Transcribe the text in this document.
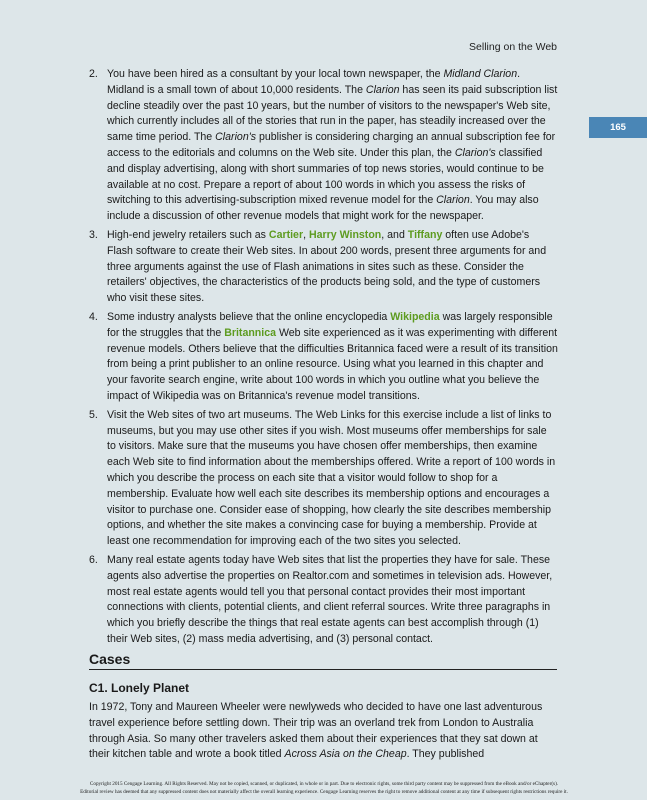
Selling on the Web
165
2. You have been hired as a consultant by your local town newspaper, the Midland Clarion. Midland is a small town of about 10,000 residents. The Clarion has seen its paid subscription list decline steadily over the past 10 years, but the number of visitors to the newspaper's Web site, which currently includes all of the stories that run in the paper, has steadily increased over the same time period. The Clarion's publisher is considering charging an annual subscription fee for access to the editorials and columns on the Web site. Under this plan, the Clarion's classified and display advertising, along with short summaries of top news stories, would continue to be available at no cost. Prepare a report of about 100 words in which you assess the risks of switching to this advertising-subscription mixed revenue model for the Clarion. You may also include a discussion of other revenue models that might work for the newspaper.
3. High-end jewelry retailers such as Cartier, Harry Winston, and Tiffany often use Adobe's Flash software to create their Web sites. In about 200 words, present three arguments for and three arguments against the use of Flash animations in sites such as these. Consider the retailers' objectives, the characteristics of the products being sold, and the type of customers who visit these sites.
4. Some industry analysts believe that the online encyclopedia Wikipedia was largely responsible for the struggles that the Britannica Web site experienced as it was experimenting with different revenue models. Others believe that the difficulties Britannica faced were a result of its transition from being a print publisher to an online resource. Using what you learned in this chapter and your favorite search engine, write about 100 words in which you outline what you believe the impact of Wikipedia was on Britannica's revenue model transitions.
5. Visit the Web sites of two art museums. The Web Links for this exercise include a list of links to museums, but you may use other sites if you wish. Most museums offer memberships for sale to visitors. Make sure that the museums you have chosen offer memberships, then examine each Web site to find information about the memberships offered. Write a report of 100 words in which you describe the process on each site that a visitor would follow to shop for a membership. Evaluate how well each site describes its membership options and encourages a visitor to purchase one. Consider ease of shopping, how clearly the site describes membership options, and whether the site makes a convincing case for buying a membership. Provide at least one recommendation for improving each of the two sites you selected.
6. Many real estate agents today have Web sites that list the properties they have for sale. These agents also advertise the properties on Realtor.com and sometimes in television ads. However, most real estate agents would tell you that personal contact provides their most important connections with clients, potential clients, and client referral sources. Write three paragraphs in which you briefly describe the things that real estate agents can best accomplish through (1) their Web sites, (2) mass media advertising, and (3) personal contact.
Cases
C1. Lonely Planet

In 1972, Tony and Maureen Wheeler were newlyweds who decided to have one last adventurous travel experience before settling down. Their trip was an overland trek from London to Australia through Asia. So many other travelers asked them about their experiences that they sat down at their kitchen table and wrote a book titled Across Asia on the Cheap. They published

Copyright 2015 Cengage Learning. All Rights Reserved. May not be copied, scanned, or duplicated, in whole or in part. Due to electronic rights, some third party content may be suppressed from the eBook and/or eChapter(s).
Editorial review has deemed that any suppressed content does not materially affect the overall learning experience. Cengage Learning reserves the right to remove additional content at any time if subsequent rights restrictions require it.
